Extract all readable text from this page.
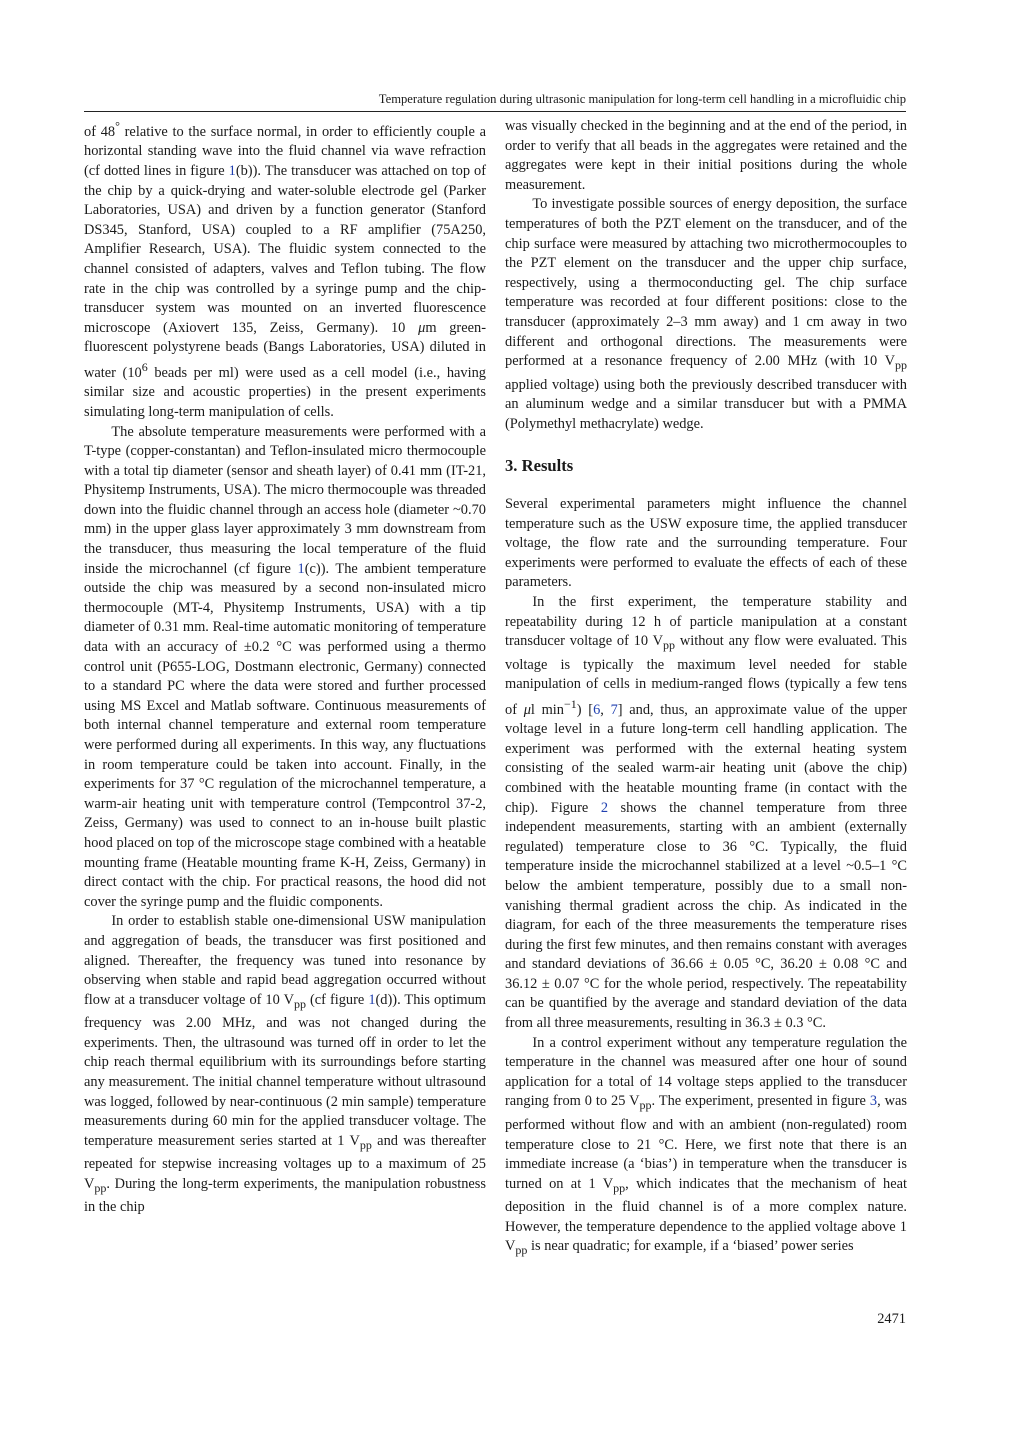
Temperature regulation during ultrasonic manipulation for long-term cell handling in a microfluidic chip

of 48° relative to the surface normal, in order to efficiently couple a horizontal standing wave into the fluid channel via wave refraction (cf dotted lines in figure 1(b)). The transducer was attached on top of the chip by a quick-drying and water-soluble electrode gel (Parker Laboratories, USA) and driven by a function generator (Stanford DS345, Stanford, USA) coupled to a RF amplifier (75A250, Amplifier Research, USA). The fluidic system connected to the channel consisted of adapters, valves and Teflon tubing. The flow rate in the chip was controlled by a syringe pump and the chip-transducer system was mounted on an inverted fluorescence microscope (Axiovert 135, Zeiss, Germany). 10 μm green-fluorescent polystyrene beads (Bangs Laboratories, USA) diluted in water ($10^6$ beads per ml) were used as a cell model (i.e., having similar size and acoustic properties) in the present experiments simulating long-term manipulation of cells.

The absolute temperature measurements were performed with a T-type (copper-constantan) and Teflon-insulated micro thermocouple with a total tip diameter (sensor and sheath layer) of 0.41 mm (IT-21, Physitemp Instruments, USA). The micro thermocouple was threaded down into the fluidic channel through an access hole (diameter ~0.70 mm) in the upper glass layer approximately 3 mm downstream from the transducer, thus measuring the local temperature of the fluid inside the microchannel (cf figure 1(c)). The ambient temperature outside the chip was measured by a second non-insulated micro thermocouple (MT-4, Physitemp Instruments, USA) with a tip diameter of 0.31 mm. Real-time automatic monitoring of temperature data with an accuracy of ±0.2 °C was performed using a thermo control unit (P655-LOG, Dostmann electronic, Germany) connected to a standard PC where the data were stored and further processed using MS Excel and Matlab software. Continuous measurements of both internal channel temperature and external room temperature were performed during all experiments. In this way, any fluctuations in room temperature could be taken into account. Finally, in the experiments for 37 °C regulation of the microchannel temperature, a warm-air heating unit with temperature control (Tempcontrol 37-2, Zeiss, Germany) was used to connect to an in-house built plastic hood placed on top of the microscope stage combined with a heatable mounting frame (Heatable mounting frame K-H, Zeiss, Germany) in direct contact with the chip. For practical reasons, the hood did not cover the syringe pump and the fluidic components.

In order to establish stable one-dimensional USW manipulation and aggregation of beads, the transducer was first positioned and aligned. Thereafter, the frequency was tuned into resonance by observing when stable and rapid bead aggregation occurred without flow at a transducer voltage of 10 $V_{pp}$ (cf figure 1(d)). This optimum frequency was 2.00 MHz, and was not changed during the experiments. Then, the ultrasound was turned off in order to let the chip reach thermal equilibrium with its surroundings before starting any measurement. The initial channel temperature without ultrasound was logged, followed by near-continuous (2 min sample) temperature measurements during 60 min for the applied transducer voltage. The temperature measurement series started at 1 $V_{pp}$ and was thereafter repeated for stepwise increasing voltages up to a maximum of 25 $V_{pp}$. During the long-term experiments, the manipulation robustness in the chip

was visually checked in the beginning and at the end of the period, in order to verify that all beads in the aggregates were retained and the aggregates were kept in their initial positions during the whole measurement.

To investigate possible sources of energy deposition, the surface temperatures of both the PZT element on the transducer, and of the chip surface were measured by attaching two microthermocouples to the PZT element on the transducer and the upper chip surface, respectively, using a thermoconducting gel. The chip surface temperature was recorded at four different positions: close to the transducer (approximately 2–3 mm away) and 1 cm away in two different and orthogonal directions. The measurements were performed at a resonance frequency of 2.00 MHz (with 10 $V_{pp}$ applied voltage) using both the previously described transducer with an aluminum wedge and a similar transducer but with a PMMA (Polymethyl methacrylate) wedge.

3. Results

Several experimental parameters might influence the channel temperature such as the USW exposure time, the applied transducer voltage, the flow rate and the surrounding temperature. Four experiments were performed to evaluate the effects of each of these parameters.

In the first experiment, the temperature stability and repeatability during 12 h of particle manipulation at a constant transducer voltage of 10 $V_{pp}$ without any flow were evaluated. This voltage is typically the maximum level needed for stable manipulation of cells in medium-ranged flows (typically a few tens of μl $\min^{-1}$) [6, 7] and, thus, an approximate value of the upper voltage level in a future long-term cell handling application. The experiment was performed with the external heating system consisting of the sealed warm-air heating unit (above the chip) combined with the heatable mounting frame (in contact with the chip). Figure 2 shows the channel temperature from three independent measurements, starting with an ambient (externally regulated) temperature close to 36 °C. Typically, the fluid temperature inside the microchannel stabilized at a level ~0.5–1 °C below the ambient temperature, possibly due to a small non-vanishing thermal gradient across the chip. As indicated in the diagram, for each of the three measurements the temperature rises during the first few minutes, and then remains constant with averages and standard deviations of 36.66 ± 0.05 °C, 36.20 ± 0.08 °C and 36.12 ± 0.07 °C for the whole period, respectively. The repeatability can be quantified by the average and standard deviation of the data from all three measurements, resulting in 36.3 ± 0.3 °C.

In a control experiment without any temperature regulation the temperature in the channel was measured after one hour of sound application for a total of 14 voltage steps applied to the transducer ranging from 0 to 25 $V_{pp}$. The experiment, presented in figure 3, was performed without flow and with an ambient (non-regulated) room temperature close to 21 °C. Here, we first note that there is an immediate increase (a ‘bias’) in temperature when the transducer is turned on at 1 $V_{pp}$, which indicates that the mechanism of heat deposition in the fluid channel is of a more complex nature. However, the temperature dependence to the applied voltage above 1 $V_{pp}$ is near quadratic; for example, if a ‘biased’ power series

2471
